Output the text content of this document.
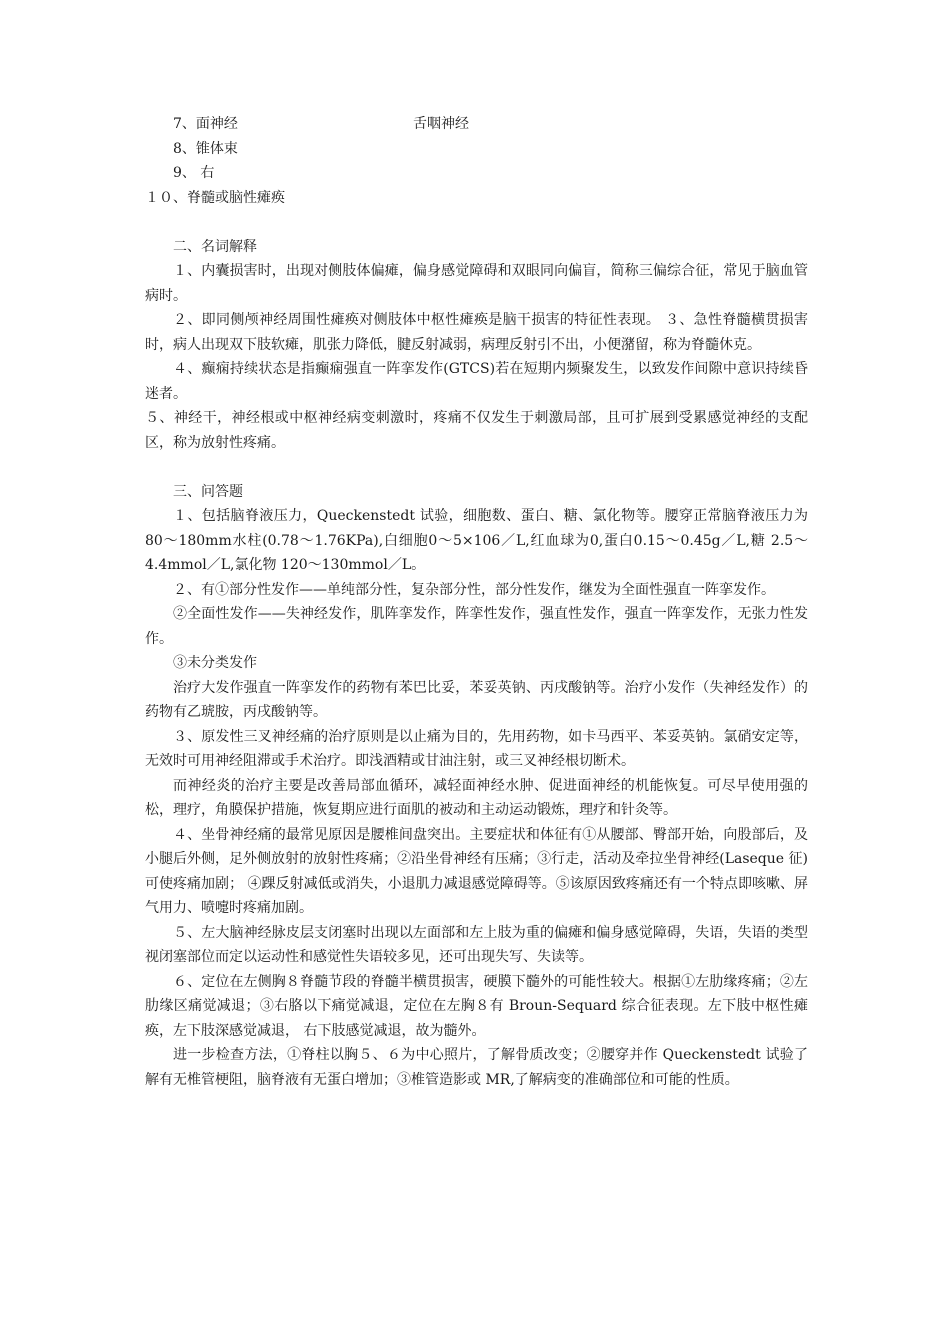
7、面神经	舌咽神经
8、锥体束
9、 右
１０、脊髓或脑性瘫痪
二、名词解释
１、内囊损害时，出现对侧肢体偏瘫，偏身感觉障碍和双眼同向偏盲，简称三偏综合征，常见于脑血管病时。
２、即同侧颅神经周围性瘫痪对侧肢体中枢性瘫痪是脑干损害的特征性表现。 ３、急性脊髓横贯损害时，病人出现双下肢软瘫，肌张力降低，腱反射减弱，病理反射引不出，小便潴留，称为脊髓休克。
４、癫痫持续状态是指癫痫强直一阵挛发作(GTCS)若在短期内频聚发生，以致发作间隙中意识持续昏迷者。
５、神经干，神经根或中枢神经病变刺激时，疼痛不仅发生于刺激局部，且可扩展到受累感觉神经的支配区，称为放射性疼痛。
三、问答题
１、包括脑脊液压力，Queckenstedt 试验，细胞数、蛋白、糖、氯化物等。腰穿正常脑脊液压力为80～180mm水柱(0.78～1.76KPa),白细胞0～5×106／L,红血球为0,蛋白0.15～0.45g／L,糖 2.5～4.4mmol／L,氯化物 120～130mmol／L。
２、有①部分性发作——单纯部分性，复杂部分性，部分性发作，继发为全面性强直一阵挛发作。
②全面性发作——失神经发作，肌阵挛发作，阵挛性发作，强直性发作，强直一阵挛发作，无张力性发作。
③未分类发作
治疗大发作强直一阵挛发作的药物有苯巴比妥，苯妥英钠、丙戌酸钠等。治疗小发作（失神经发作）的药物有乙琥胺，丙戌酸钠等。
３、原发性三叉神经痛的治疗原则是以止痛为目的，先用药物，如卡马西平、苯妥英钠。氯硝安定等，无效时可用神经阻滞或手术治疗。即浅酒精或甘油注射，或三叉神经根切断术。
而神经炎的治疗主要是改善局部血循环，减轻面神经水肿、促进面神经的机能恢复。可尽早使用强的松，理疗，角膜保护措施，恢复期应进行面肌的被动和主动运动锻炼，理疗和针灸等。
４、坐骨神经痛的最常见原因是腰椎间盘突出。主要症状和体征有①从腰部、臀部开始，向股部后，及小腿后外侧，足外侧放射的放射性疼痛；②沿坐骨神经有压痛；③行走，活动及牵拉坐骨神经(Laseque 征)可使疼痛加剧； ④踝反射减低或消失，小退肌力减退感觉障碍等。⑤该原因致疼痛还有一个特点即咳嗽、屏气用力、喷嚏时疼痛加剧。
５、左大脑神经脉皮层支闭塞时出现以左面部和左上肢为重的偏瘫和偏身感觉障碍，失语，失语的类型视闭塞部位而定以运动性和感觉性失语较多见，还可出现失写、失读等。
６、定位在左侧胸８脊髓节段的脊髓半横贯损害，硬膜下髓外的可能性较大。根据①左肋缘疼痛；②左肋缘区痛觉减退；③右胳以下痛觉减退，定位在左胸８有 Broun-Sequard 综合征表现。左下肢中枢性瘫痪，左下肢深感觉减退， 右下肢感觉减退，故为髓外。
进一步检查方法，①脊柱以胸５、６为中心照片，了解骨质改变；②腰穿并作 Queckenstedt 试验了解有无椎管梗阻，脑脊液有无蛋白增加；③椎管造影或 MR,了解病变的准确部位和可能的性质。
